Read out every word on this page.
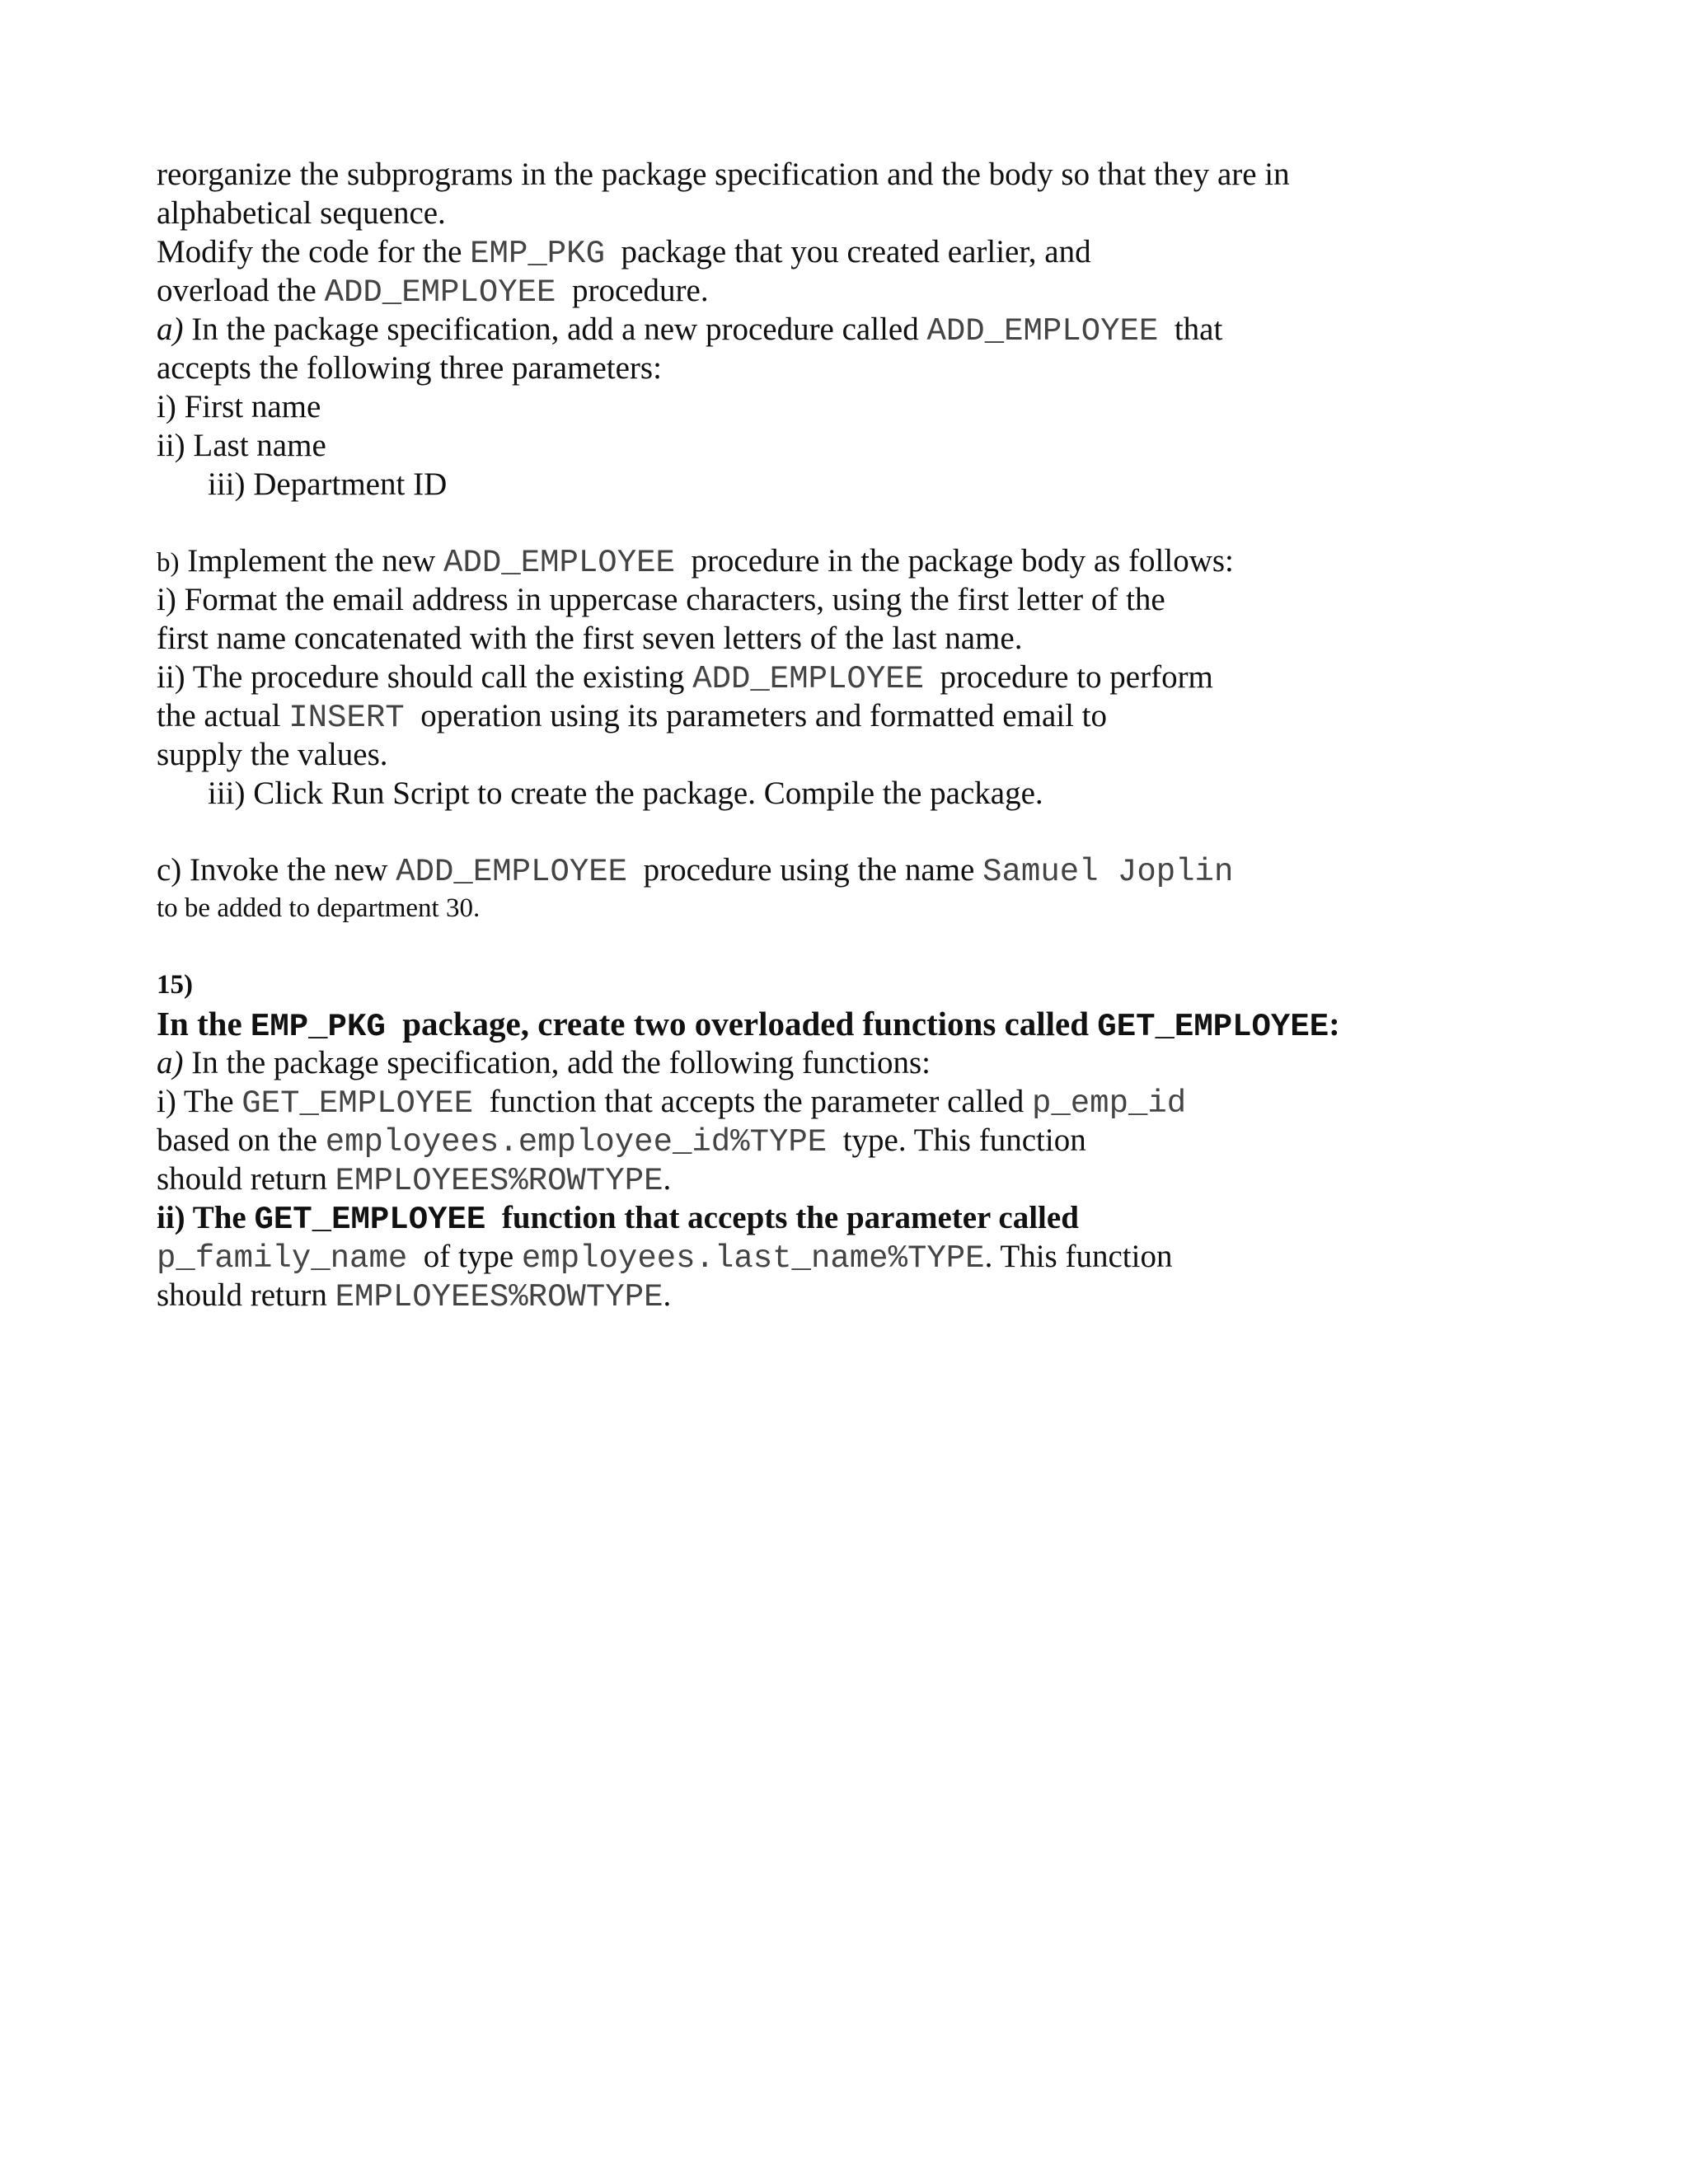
reorganize the subprograms in the package specification and the body so that they are in
alphabetical sequence.
Modify the code for the EMP_PKG  package that you created earlier, and
overload the ADD_EMPLOYEE  procedure.
a) In the package specification, add a new procedure called ADD_EMPLOYEE  that
accepts the following three parameters:
i) First name
ii) Last name
iii) Department ID
b) Implement the new ADD_EMPLOYEE  procedure in the package body as follows:
i) Format the email address in uppercase characters, using the first letter of the
first name concatenated with the first seven letters of the last name.
ii) The procedure should call the existing ADD_EMPLOYEE  procedure to perform
the actual INSERT  operation using its parameters and formatted email to
supply the values.
iii) Click Run Script to create the package. Compile the package.
c) Invoke the new ADD_EMPLOYEE  procedure using the name Samuel Joplin
to be added to department 30.
15)
In the EMP_PKG  package, create two overloaded functions called GET_EMPLOYEE:
a) In the package specification, add the following functions:
i) The GET_EMPLOYEE  function that accepts the parameter called p_emp_id
based on the employees.employee_id%TYPE  type. This function
should return EMPLOYEES%ROWTYPE.
ii) The GET_EMPLOYEE  function that accepts the parameter called
p_family_name  of type employees.last_name%TYPE. This function
should return EMPLOYEES%ROWTYPE.
